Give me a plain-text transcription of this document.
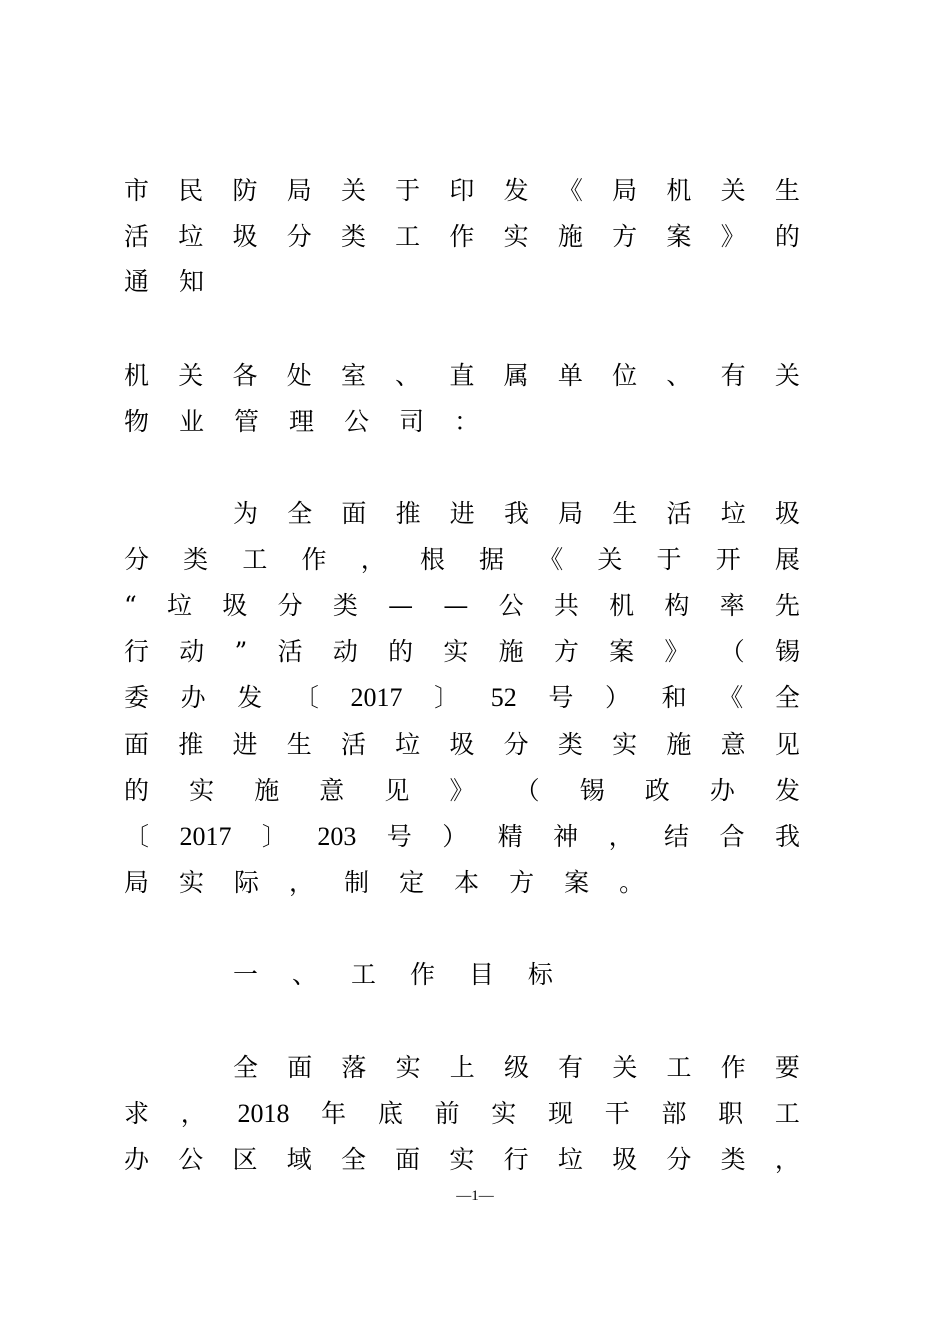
市 民 防 局 关 于 印 发 《 局 机 关 生
活 垃 圾 分 类 工 作 实 施 方 案 》 的
通 知
机 关 各 处 室 、 直 属 单 位 、 有 关
物 业 管 理 公 司 ：
为 全 面 推 进 我 局 生 活 垃 圾
分 类 工 作 ， 根 据 《 关 于 开 展
“ 垃 圾 分 类 — — 公 共 机 构 率 先
行 动 ” 活 动 的 实 施 方 案 》 （ 锡
委 办 发 〔 2017 〕 52 号 ） 和 《 全
面 推 进 生 活 垃 圾 分 类 实 施 意 见
的 实 施 意 见 》 （ 锡 政 办 发
〔 2017 〕 203 号 ） 精 神 ， 结 合 我
局 实 际 ， 制 定 本 方 案 。
一 、 工 作 目 标
全 面 落 实 上 级 有 关 工 作 要
求 ， 2018 年 底 前 实 现 干 部 职 工
办 公 区 域 全 面 实 行 垃 圾 分 类 ，
—1—
